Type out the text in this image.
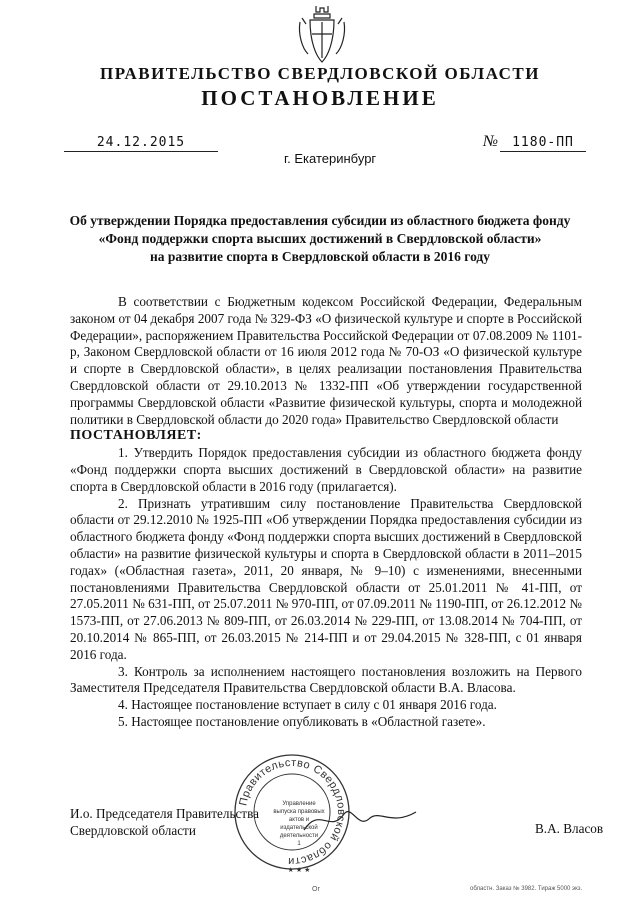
ПРАВИТЕЛЬСТВО СВЕРДЛОВСКОЙ ОБЛАСТИ
ПОСТАНОВЛЕНИЕ
24.12.2015	№	1180-ПП
г. Екатеринбург
Об утверждении Порядка предоставления субсидии из областного бюджета фонду
«Фонд поддержки спорта высших достижений в Свердловской области»
на развитие спорта в Свердловской области в 2016 году

В соответствии с Бюджетным кодексом Российской Федерации, Федеральным законом от 04 декабря 2007 года № 329-ФЗ «О физической культуре и спорте в Российской Федерации», распоряжением Правительства Российской Федерации от 07.08.2009 № 1101-р, Законом Свердловской области от 16 июля 2012 года № 70-ОЗ «О физической культуре и спорте в Свердловской области», в целях реализации постановления Правительства Свердловской области от 29.10.2013 № 1332-ПП «Об утверждении государственной программы Свердловской области «Развитие физической культуры, спорта и молодежной политики в Свердловской области до 2020 года» Правительство Свердловской области

ПОСТАНОВЛЯЕТ:

1. Утвердить Порядок предоставления субсидии из областного бюджета фонду «Фонд поддержки спорта высших достижений в Свердловской области» на развитие спорта в Свердловской области в 2016 году (прилагается).

2. Признать утратившим силу постановление Правительства Свердловской области от 29.12.2010 № 1925-ПП «Об утверждении Порядка предоставления субсидии из областного бюджета фонду «Фонд поддержки спорта высших достижений в Свердловской области» на развитие физической культуры и спорта в Свердловской области в 2011–2015 годах» («Областная газета», 2011, 20 января, № 9–10) с изменениями, внесенными постановлениями Правительства Свердловской области от 25.01.2011 № 41-ПП, от 27.05.2011 № 631-ПП, от 25.07.2011 № 970-ПП, от 07.09.2011 № 1190-ПП, от 26.12.2012 № 1573-ПП, от 27.06.2013 № 809-ПП, от 26.03.2014 № 229-ПП, от 13.08.2014 № 704-ПП, от 20.10.2014 № 865-ПП, от 26.03.2015 № 214-ПП и от 29.04.2015 № 328-ПП, с 01 января 2016 года.

3. Контроль за исполнением настоящего постановления возложить на Первого Заместителя Председателя Правительства Свердловской области В.А. Власова.

4. Настоящее постановление вступает в силу с 01 января 2016 года.

5. Настоящее постановление опубликовать в «Областной газете».

И.о. Председателя Правительства
Свердловской области	В.А. Власов
Правительство Свердловской области
Управление
выпуска правовых
актов и издательской
деятельности
1
★★★
Ог	областн. Заказ № 3982. Тираж 5000 экз.
